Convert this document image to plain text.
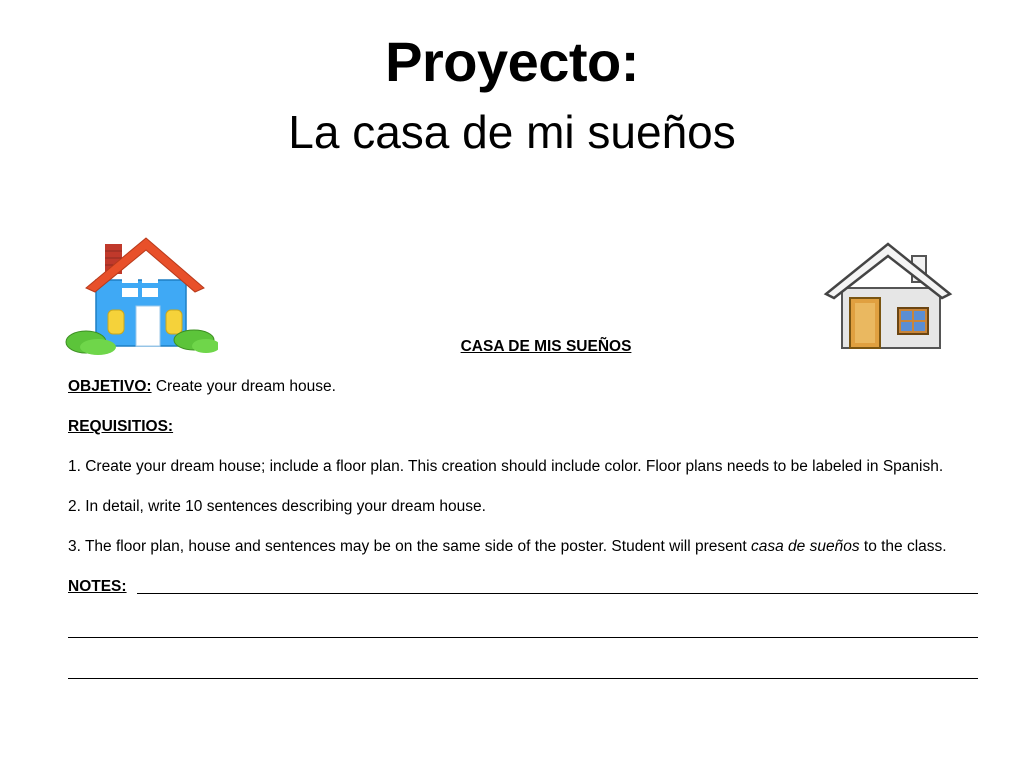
Proyecto:
La casa de mi sueños
CASA DE MIS SUEÑOS
OBJETIVO: Create your dream house.
REQUISITIOS:
1. Create your dream house; include a floor plan. This creation should include color. Floor plans needs to be labeled in Spanish.
2. In detail, write 10 sentences describing your dream house.
3. The floor plan, house and sentences may be on the same side of the poster. Student will present casa de sueños to the class.
NOTES:
